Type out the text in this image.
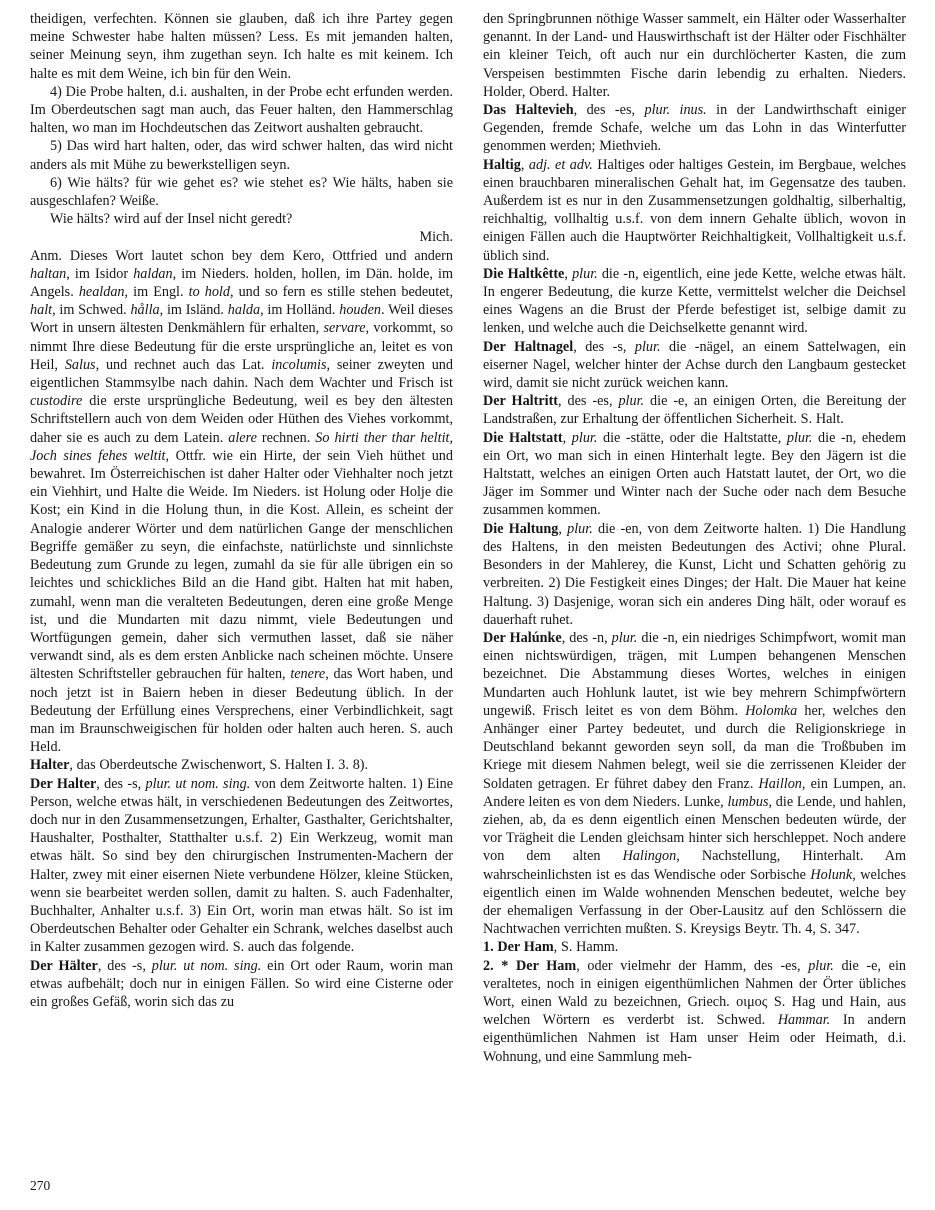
theidigen, verfechten. Können sie glauben, daß ich ihre Partey gegen meine Schwester habe halten müssen? Less. Es mit jemanden halten, seiner Meinung seyn, ihm zugethan seyn. Ich halte es mit keinem. Ich halte es mit dem Weine, ich bin für den Wein.

4) Die Probe halten, d.i. aushalten, in der Probe echt erfunden werden. Im Oberdeutschen sagt man auch, das Feuer halten, den Hammerschlag halten, wo man im Hochdeutschen das Zeitwort aushalten gebraucht.

5) Das wird hart halten, oder, das wird schwer halten, das wird nicht anders als mit Mühe zu bewerkstelligen seyn.

6) Wie hälts? für wie gehet es? wie stehet es? Wie hälts, haben sie ausgeschlafen? Weiße.

Wie hälts? wird auf der Insel nicht geredt?

Mich.

Anm. Dieses Wort lautet schon bey dem Kero, Ottfried und andern haltan, im Isidor haldan, im Nieders. holden, hollen, im Dän. holde, im Angels. healdan, im Engl. to hold, und so fern es stille stehen bedeutet, halt, im Schwed. hålla, im Isländ. halda, im Holländ. houden. Weil dieses Wort in unsern ältesten Denkmählern für erhalten, servare, vorkommt, so nimmt Ihre diese Bedeutung für die erste ursprüngliche an, leitet es von Heil, Salus, und rechnet auch das Lat. incolumis, seiner zweyten und eigentlichen Stammsylbe nach dahin. Nach dem Wachter und Frisch ist custodire die erste ursprüngliche Bedeutung, weil es bey den ältesten Schriftstellern auch von dem Weiden oder Hüthen des Viehes vorkommt, daher sie es auch zu dem Latein. alere rechnen. So hirti ther thar heltit, Joch sines fehes weltit, Ottfr. wie ein Hirte, der sein Vieh hüthet und bewahret. Im Österreichischen ist daher Halter oder Viehhalter noch jetzt ein Viehhirt, und Halte die Weide. Im Nieders. ist Holung oder Holje die Kost; ein Kind in die Holung thun, in die Kost. Allein, es scheint der Analogie anderer Wörter und dem natürlichen Gange der menschlichen Begriffe gemäßer zu seyn, die einfachste, natürlichste und sinnlichste Bedeutung zum Grunde zu legen, zumahl da sie für alle übrigen ein so leichtes und schickliches Bild an die Hand gibt. Halten hat mit haben, zumahl, wenn man die veralteten Bedeutungen, deren eine große Menge ist, und die Mundarten mit dazu nimmt, viele Bedeutungen und Wortfügungen gemein, daher sich vermuthen lasset, daß sie näher verwandt sind, als es dem ersten Anblicke nach scheinen möchte. Unsere ältesten Schriftsteller gebrauchen für halten, tenere, das Wort haben, und noch jetzt ist in Baiern heben in dieser Bedeutung üblich. In der Bedeutung der Erfüllung eines Versprechens, einer Verbindlichkeit, sagt man im Braunschweigischen für holden oder halten auch heren. S. auch Held.

Halter, das Oberdeutsche Zwischenwort, S. Halten I. 3. 8).

Der Halter, des -s, plur. ut nom. sing. von dem Zeitworte halten. 1) Eine Person, welche etwas hält, in verschiedenen Bedeutungen des Zeitwortes, doch nur in den Zusammensetzungen, Erhalter, Gasthalter, Gerichtshalter, Haushalter, Posthalter, Statthalter u.s.f. 2) Ein Werkzeug, womit man etwas hält. So sind bey den chirurgischen Instrumenten-Machern der Halter, zwey mit einer eisernen Niete verbundene Hölzer, kleine Stücken, wenn sie bearbeitet werden sollen, damit zu halten. S. auch Fadenhalter, Buchhalter, Anhalter u.s.f. 3) Ein Ort, worin man etwas hält. So ist im Oberdeutschen Behalter oder Gehalter ein Schrank, welches daselbst auch in Kalter zusammen gezogen wird. S. auch das folgende.

Der Hälter, des -s, plur. ut nom. sing. ein Ort oder Raum, worin man etwas aufbehält; doch nur in einigen Fällen. So wird eine Cisterne oder ein großes Gefäß, worin sich das zu

den Springbrunnen nöthige Wasser sammelt, ein Hälter oder Wasserhalter genannt. In der Land- und Hauswirthschaft ist der Hälter oder Fischhälter ein kleiner Teich, oft auch nur ein durchlöcherter Kasten, die zum Verspeisen bestimmten Fische darin lebendig zu erhalten. Nieders. Holder, Oberd. Halter.

Das Haltevieh, des -es, plur. inus. in der Landwirthschaft einiger Gegenden, fremde Schafe, welche um das Lohn in das Winterfutter genommen werden; Miethvieh.

Haltig, adj. et adv. Haltiges oder haltiges Gestein, im Bergbaue, welches einen brauchbaren mineralischen Gehalt hat, im Gegensatze des tauben. Außerdem ist es nur in den Zusammensetzungen goldhaltig, silberhaltig, reichhaltig, vollhaltig u.s.f. von dem innern Gehalte üblich, wovon in einigen Fällen auch die Hauptwörter Reichhaltigkeit, Vollhaltigkeit u.s.f. üblich sind.

Die Haltkêtte, plur. die -n, eigentlich, eine jede Kette, welche etwas hält. In engerer Bedeutung, die kurze Kette, vermittelst welcher die Deichsel eines Wagens an die Brust der Pferde befestiget ist, selbige damit zu lenken, und welche auch die Deichselkette genannt wird.

Der Haltnagel, des -s, plur. die -nägel, an einem Sattelwagen, ein eiserner Nagel, welcher hinter der Achse durch den Langbaum gestecket wird, damit sie nicht zurück weichen kann.

Der Haltritt, des -es, plur. die -e, an einigen Orten, die Bereitung der Landstraßen, zur Erhaltung der öffentlichen Sicherheit. S. Halt.

Die Haltstatt, plur. die -stätte, oder die Haltstatte, plur. die -n, ehedem ein Ort, wo man sich in einen Hinterhalt legte. Bey den Jägern ist die Haltstatt, welches an einigen Orten auch Hatstatt lautet, der Ort, wo die Jäger im Sommer und Winter nach der Suche oder nach dem Besuche zusammen kommen.

Die Haltung, plur. die -en, von dem Zeitworte halten. 1) Die Handlung des Haltens, in den meisten Bedeutungen des Activi; ohne Plural. Besonders in der Mahlerey, die Kunst, Licht und Schatten gehörig zu verbreiten. 2) Die Festigkeit eines Dinges; der Halt. Die Mauer hat keine Haltung. 3) Dasjenige, woran sich ein anderes Ding hält, oder worauf es dauerhaft ruhet.

Der Halúnke, des -n, plur. die -n, ein niedriges Schimpfwort, womit man einen nichtswürdigen, trägen, mit Lumpen behangenen Menschen bezeichnet. Die Abstammung dieses Wortes, welches in einigen Mundarten auch Hohlunk lautet, ist wie bey mehrern Schimpfwörtern ungewiß. Frisch leitet es von dem Böhm. Holomka her, welches den Anhänger einer Partey bedeutet, und durch die Religionskriege in Deutschland bekannt geworden seyn soll, da man die Troßbuben im Kriege mit diesem Nahmen belegt, weil sie die zerrissenen Kleider der Soldaten getragen. Er führet dabey den Franz. Haillon, ein Lumpen, an. Andere leiten es von dem Nieders. Lunke, lumbus, die Lende, und hahlen, ziehen, ab, da es denn eigentlich einen Menschen bedeuten würde, der vor Trägheit die Lenden gleichsam hinter sich herschleppet. Noch andere von dem alten Halingon, Nachstellung, Hinterhalt. Am wahrscheinlichsten ist es das Wendische oder Sorbische Holunk, welches eigentlich einen im Walde wohnenden Menschen bedeutet, welche bey der ehemaligen Verfassung in der Ober-Lausitz auf den Schlössern die Nachtwachen verrichten mußten. S. Kreysigs Beytr. Th. 4, S. 347.

1. Der Ham, S. Hamm.

2. * Der Ham, oder vielmehr der Hamm, des -es, plur. die -e, ein veraltetes, noch in einigen eigenthümlichen Nahmen der Örter übliches Wort, einen Wald zu bezeichnen, Griech. οιμος S. Hag und Hain, aus welchen Wörtern es verderbt ist. Schwed. Hammar. In andern eigenthümlichen Nahmen ist Ham unser Heim oder Heimath, d.i. Wohnung, und eine Sammlung meh-

270
